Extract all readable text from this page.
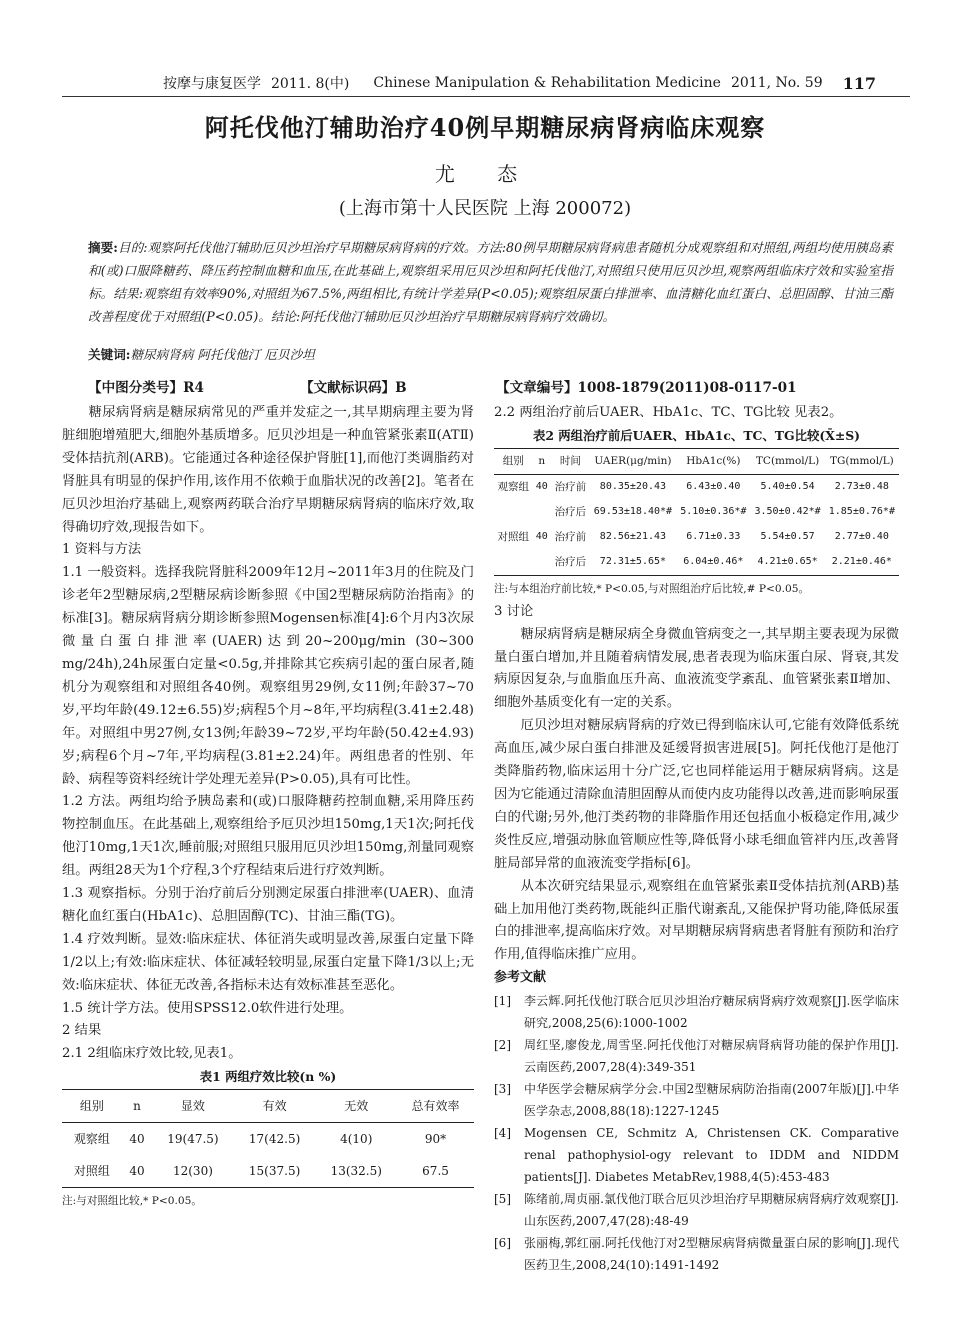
按摩与康复医学 2011. 8(中) Chinese Manipulation & Rehabilitation Medicine 2011, No. 59 117
阿托伐他汀辅助治疗40例早期糖尿病肾病临床观察
尤 态
(上海市第十人民医院 上海 200072)
摘要:目的:观察阿托伐他汀辅助厄贝沙坦治疗早期糖尿病肾病的疗效。方法:80例早期糖尿病肾病患者随机分成观察组和对照组,两组均使用胰岛素和(或)口服降糖药、降压药控制血糖和血压,在此基础上,观察组采用厄贝沙坦和阿托伐他汀,对照组只使用厄贝沙坦,观察两组临床疗效和实验室指标。结果:观察组有效率90%,对照组为67.5%,两组相比,有统计学差异(P<0.05);观察组尿蛋白排泄率、血清糖化血红蛋白、总胆固醇、甘油三酯改善程度优于对照组(P<0.05)。结论:阿托伐他汀辅助厄贝沙坦治疗早期糖尿病肾病疗效确切。
关键词:糖尿病肾病 阿托伐他汀 厄贝沙坦
【中图分类号】R4	【文献标识码】B	【文章编号】1008-1879(2011)08-0117-01

糖尿病肾病是糖尿病常见的严重并发症之一,其早期病理主要为肾脏细胞增殖肥大,细胞外基质增多。厄贝沙坦是一种血管紧张素Ⅱ(ATⅡ)受体拮抗剂(ARB)。它能通过各种途径保护肾脏[1],而他汀类调脂药对肾脏具有明显的保护作用,该作用不依赖于血脂状况的改善[2]。笔者在厄贝沙坦治疗基础上,观察两药联合治疗早期糖尿病肾病的临床疗效,取得确切疗效,现报告如下。

1 资料与方法

1.1 一般资料。选择我院肾脏科2009年12月~2011年3月的住院及门诊老年2型糖尿病,2型糖尿病诊断参照《中国2型糖尿病防治指南》的标准[3]。糖尿病肾病分期诊断参照Mogensen标准[4]:6个月内3次尿微量白蛋白排泄率(UAER)达到20~200μg/min (30~300 mg/24h),24h尿蛋白定量<0.5g,并排除其它疾病引起的蛋白尿者,随机分为观察组和对照组各40例。观察组男29例,女11例;年龄37~70岁,平均年龄(49.12±6.55)岁;病程5个月~8年,平均病程(3.41±2.48)年。对照组中男27例,女13例;年龄39~72岁,平均年龄(50.42±4.93)岁;病程6个月~7年,平均病程(3.81±2.24)年。两组患者的性别、年龄、病程等资料经统计学处理无差异(P>0.05),具有可比性。

1.2 方法。两组均给予胰岛素和(或)口服降糖药控制血糖,采用降压药物控制血压。在此基础上,观察组给予厄贝沙坦150mg,1天1次;阿托伐他汀10mg,1天1次,睡前服;对照组只服用厄贝沙坦150mg,剂量同观察组。两组28天为1个疗程,3个疗程结束后进行疗效判断。

1.3 观察指标。分别于治疗前后分别测定尿蛋白排泄率(UAER)、血清糖化血红蛋白(HbA1c)、总胆固醇(TC)、甘油三酯(TG)。

1.4 疗效判断。显效:临床症状、体征消失或明显改善,尿蛋白定量下降1/2以上;有效:临床症状、体征减轻较明显,尿蛋白定量下降1/3以上;无效:临床症状、体征无改善,各指标未达有效标准甚至恶化。

1.5 统计学方法。使用SPSS12.0软件进行处理。

2 结果

2.1 2组临床疗效比较,见表1。

表1 两组疗效比较(n %)
组别	n	显效	有效	无效	总有效率
观察组	40	19(47.5)	17(42.5)	4(10)	90*
对照组	40	12(30)	15(37.5)	13(32.5)	67.5
注:与对照组比较,* P<0.05。

2.2 两组治疗前后UAER、HbA1c、TC、TG比较 见表2。

表2 两组治疗前后UAER、HbA1c、TC、TG比较(X̄±S)
组别	n	时间	UAER(μg/min)	HbA1c(%)	TC(mmol/L)	TG(mmol/L)
观察组	40	治疗前	80.35±20.43	6.43±0.40	5.40±0.54	2.73±0.48
		治疗后	69.53±18.40*#	5.10±0.36*#	3.50±0.42*#	1.85±0.76*#
对照组	40	治疗前	82.56±21.43	6.71±0.33	5.54±0.57	2.77±0.40
		治疗后	72.31±5.65*	6.04±0.46*	4.21±0.65*	2.21±0.46*
注:与本组治疗前比较,* P<0.05,与对照组治疗后比较,# P<0.05。

3 讨论

糖尿病肾病是糖尿病全身微血管病变之一,其早期主要表现为尿微量白蛋白增加,并且随着病情发展,患者表现为临床蛋白尿、肾衰,其发病原因复杂,与血脂血压升高、血液流变学紊乱、血管紧张素Ⅱ增加、细胞外基质变化有一定的关系。

厄贝沙坦对糖尿病肾病的疗效已得到临床认可,它能有效降低系统高血压,减少尿白蛋白排泄及延缓肾损害进展[5]。阿托伐他汀是他汀类降脂药物,临床运用十分广泛,它也同样能运用于糖尿病肾病。这是因为它能通过清除血清胆固醇从而使内皮功能得以改善,进而影响尿蛋白的代谢;另外,他汀类药物的非降脂作用还包括血小板稳定作用,减少炎性反应,增强动脉血管顺应性等,降低肾小球毛细血管袢内压,改善肾脏局部异常的血液流变学指标[6]。

从本次研究结果显示,观察组在血管紧张素Ⅱ受体拮抗剂(ARB)基础上加用他汀类药物,既能纠正脂代谢紊乱,又能保护肾功能,降低尿蛋白的排泄率,提高临床疗效。对早期糖尿病肾病患者肾脏有预防和治疗作用,值得临床推广应用。

参考文献
[1]	李云辉.阿托伐他汀联合厄贝沙坦治疗糖尿病肾病疗效观察[J].医学临床研究,2008,25(6):1000-1002
[2]	周红坚,廖俊龙,周雪坚.阿托伐他汀对糖尿病肾病肾功能的保护作用[J].云南医药,2007,28(4):349-351
[3]	中华医学会糖尿病学分会.中国2型糖尿病防治指南(2007年版)[J].中华医学杂志,2008,88(18):1227-1245
[4]	Mogensen CE, Schmitz A, Christensen CK. Comparative renal pathophysiol-ogy relevant to IDDM and NIDDM patients[J]. Diabetes MetabRev,1988,4(5):453-483
[5]	陈绪前,周贞丽.氯伐他汀联合厄贝沙坦治疗早期糖尿病肾病疗效观察[J].山东医药,2007,47(28):48-49
[6]	张丽梅,郭红丽.阿托伐他汀对2型糖尿病肾病微量蛋白尿的影响[J].现代医药卫生,2008,24(10):1491-1492
